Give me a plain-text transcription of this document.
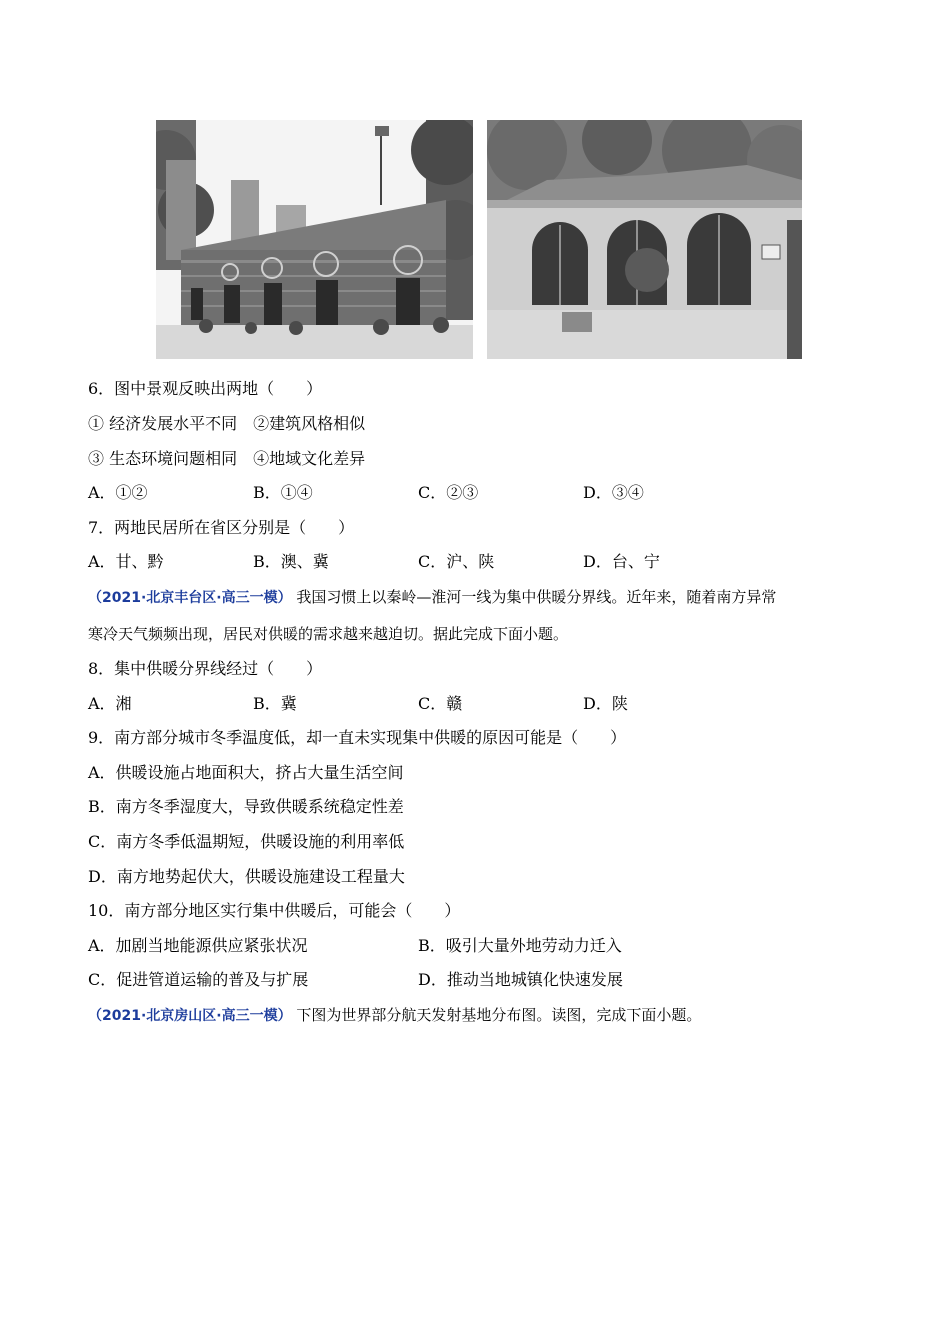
6．图中景观反映出两地（　　）
① 经济发展水平不同　②建筑风格相似
③ 生态环境问题相同　④地域文化差异
A．①②	B．①④	C．②③	D．③④
7．两地民居所在省区分别是（　　）
A．甘、黔	B．澳、冀	C．沪、陕	D．台、宁
（2021·北京丰台区·高三一模） 我国习惯上以秦岭—淮河一线为集中供暖分界线。近年来，随着南方异常
寒冷天气频频出现，居民对供暖的需求越来越迫切。据此完成下面小题。
8．集中供暖分界线经过（　　）
A．湘	B．冀	C．赣	D．陕
9．南方部分城市冬季温度低，却一直未实现集中供暖的原因可能是（　　）
A．供暖设施占地面积大，挤占大量生活空间
B．南方冬季湿度大，导致供暖系统稳定性差
C．南方冬季低温期短，供暖设施的利用率低
D．南方地势起伏大，供暖设施建设工程量大
10．南方部分地区实行集中供暖后，可能会（　　）
A．加剧当地能源供应紧张状况	B．吸引大量外地劳动力迁入
C．促进管道运输的普及与扩展	D．推动当地城镇化快速发展
（2021·北京房山区·高三一模） 下图为世界部分航天发射基地分布图。读图，完成下面小题。
